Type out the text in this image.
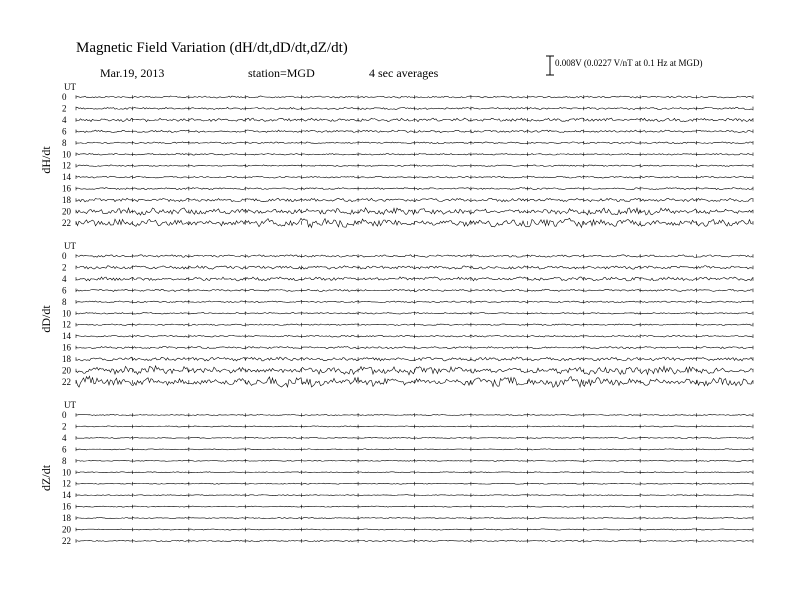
Magnetic Field Variation (dH/dt,dD/dt,dZ/dt)
Mar.19, 2013	station=MGD	4 sec averages
0.008V (0.0227 V/nT at 0.1 Hz at MGD)
UT
dH/dt
0
2
4
6
8
10
12
14
16
18
20
22
UT
dD/dt
0
2
4
6
8
10
12
14
16
18
20
22
UT
dZ/dt
0
2
4
6
8
10
12
14
16
18
20
22
